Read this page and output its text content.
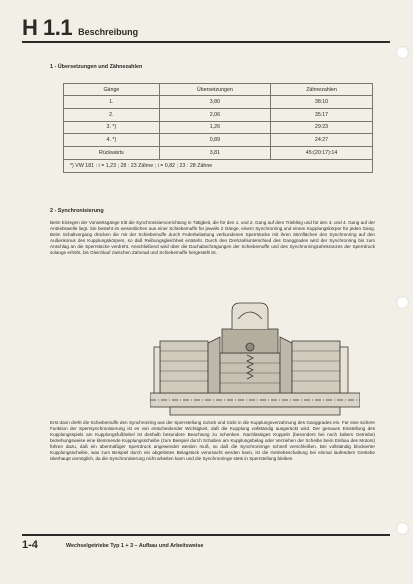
H 1.1 Beschreibung
1 - Übersetzungen und Zähnezahlen
Gänge	Übersetzungen	Zähnezahlen
1.	3,80	38:10
2.	2,06	35:17
3. *)	1,26	29:23
4. *)	0,89	24:27
Rückwärts	3,81	45:(20:17):14
*) VW 181 : i = 1,23 ; 28 : 23 Zähne ; i = 0,82 ; 23 : 28 Zähne		
2 - Synchronisierung
Beim Einlegen der Vorwärtsgänge tritt die Synchronisiervorrichtung in Tätigkeit, die für den 1. und 2. Gang auf dem Triebling und für den 3. und 4. Gang auf der Antriebswelle liegt. Sie besteht im wesentlichen aus einer Schiebemuffe für jeweils 2 Gänge, einem Synchronring und einem Kupplungskörper für jeden Gang. Beim Schaltvorgang drücken die mit der Schiebemuffe durch Federbelastung verbundenen Sperrstücke mit ihren Stirnflächen den Synchronring auf den Außenkonus des Kupplungskörpers, so daß Reibungsgleichheit entsteht. Durch den Drehzahlunterschied des Ganggrades wird der Synchronring bis zum Anschlag an die Sperrstücke verdreht. Anschließend wird über die Dachabschrägungen der Schiebemuffe und des Synchronringzahnkranzes der Sperrdruck solange erhöht, bis Gleichlauf zwischen Zahnrad und Schiebemuffe hergestellt ist.
Erst dann dreht die Schiebemuffe den Synchronring aus der Sperrstellung zurück und rückt in die Kupplungsverzahnung des Ganggrades ein. Für eine sichere Funktion der Sperrsynchronisierung ist es von entscheidender Wichtigkeit, daß die Kupplung vollständig ausgerückt wird. Der genauen Einstellung des Kupplungsspiels am Kupplungsfußhebel ist deshalb besondere Beachtung zu schenken. Nachlässiges Kuppeln (besonders bei noch kaltem Getriebe) beziehungsweise eine klemmende Kupplungsscheibe (zum Beispiel durch Schaben am Kupplungsbelag oder Verziehen der Scheibe beim Einbau des Motors) führen dazu, daß ein übermäßiger Sperrdruck angewendet werden muß, so daß die Synchronringe schnell verschleißen. Bei vollständig blockierter Kupplungsscheibe, was zum Beispiel durch ein abgelöstes Belagstück verursacht werden kann, ist die Getriebeschaltung bei einmal laufendem Getriebe überhaupt unmöglich, da die Synchronisierung nicht arbeiten kann und die Synchronringe stets in Sperrstellung bleiben.
1-4	Wechselgetriebe Typ 1 + 3 – Aufbau und Arbeitsweise
